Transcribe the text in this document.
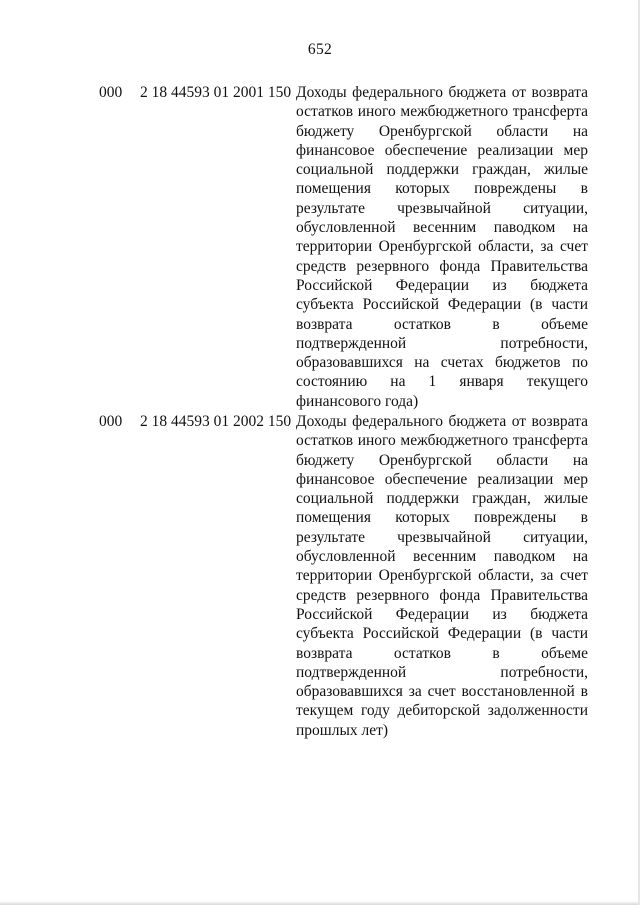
652
000 2 18 44593 01 2001 150 Доходы федерального бюджета от возврата остатков иного межбюджетного трансферта бюджету Оренбургской области на финансовое обеспечение реализации мер социальной поддержки граждан, жилые помещения которых повреждены в результате чрезвычайной ситуации, обусловленной весенним паводком на территории Оренбургской области, за счет средств резервного фонда Правительства Российской Федерации из бюджета субъекта Российской Федерации (в части возврата остатков в объеме подтвержденной потребности, образовавшихся на счетах бюджетов по состоянию на 1 января текущего финансового года)
000 2 18 44593 01 2002 150 Доходы федерального бюджета от возврата остатков иного межбюджетного трансферта бюджету Оренбургской области на финансовое обеспечение реализации мер социальной поддержки граждан, жилые помещения которых повреждены в результате чрезвычайной ситуации, обусловленной весенним паводком на территории Оренбургской области, за счет средств резервного фонда Правительства Российской Федерации из бюджета субъекта Российской Федерации (в части возврата остатков в объеме подтвержденной потребности, образовавшихся за счет восстановленной в текущем году дебиторской задолженности прошлых лет)
